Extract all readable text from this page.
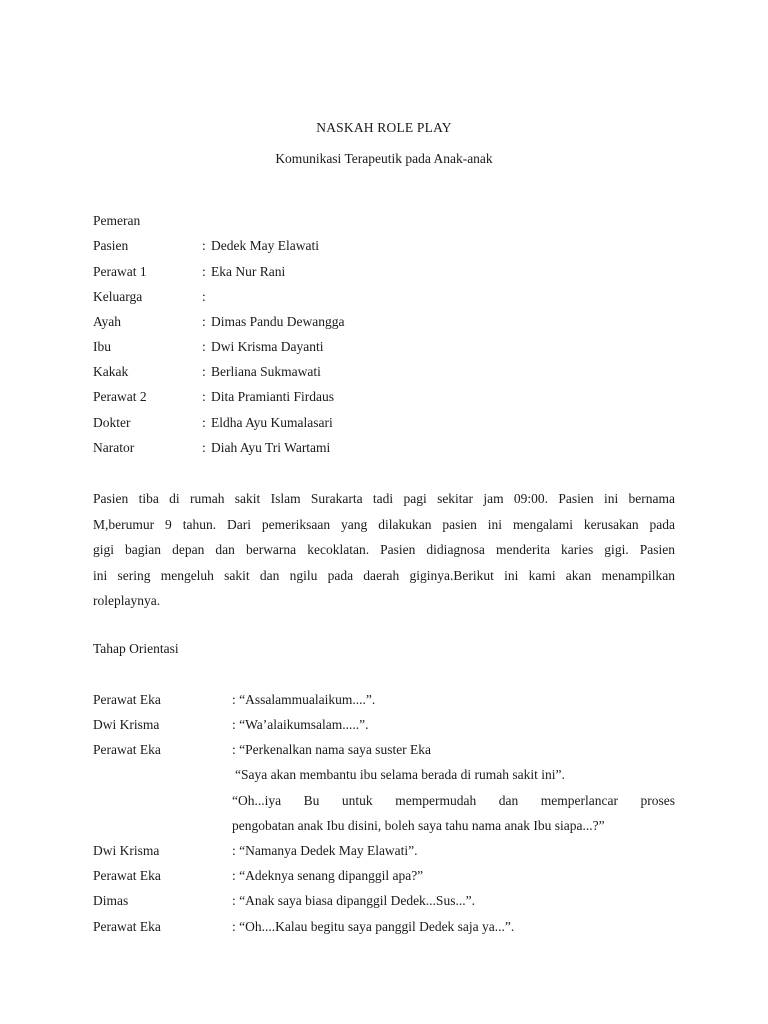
NASKAH ROLE PLAY
Komunikasi Terapeutik pada Anak-anak
Pemeran
Pasien	: Dedek May Elawati
Perawat 1	: Eka Nur Rani
Keluarga	:
Ayah	: Dimas Pandu Dewangga
Ibu	: Dwi Krisma Dayanti
Kakak	: Berliana Sukmawati
Perawat 2	: Dita Pramianti Firdaus
Dokter	: Eldha Ayu Kumalasari
Narator	: Diah Ayu Tri Wartami
Pasien tiba di rumah sakit Islam Surakarta tadi pagi sekitar jam 09:00. Pasien ini bernama
M,berumur 9 tahun. Dari pemeriksaan yang dilakukan pasien ini mengalami kerusakan pada
gigi bagian depan dan berwarna kecoklatan. Pasien didiagnosa menderita karies gigi. Pasien
ini sering mengeluh sakit dan ngilu pada daerah giginya.Berikut ini kami akan menampilkan
roleplaynya.
Tahap Orientasi
Perawat Eka	: “Assalammualaikum....”.
Dwi Krisma	: “Wa’alaikumsalam.....”.
Perawat Eka	: “Perkenalkan nama saya suster Eka
“Saya akan membantu ibu selama berada di rumah sakit ini”.
“Oh...iya Bu untuk mempermudah dan memperlancar proses
pengobatan anak Ibu disini, boleh saya tahu nama anak Ibu siapa...?”
Dwi Krisma	: “Namanya Dedek May Elawati”.
Perawat Eka	: “Adeknya senang dipanggil apa?”
Dimas	: “Anak saya biasa dipanggil Dedek...Sus...”.
Perawat Eka	: “Oh....Kalau begitu saya panggil Dedek saja ya...”.
